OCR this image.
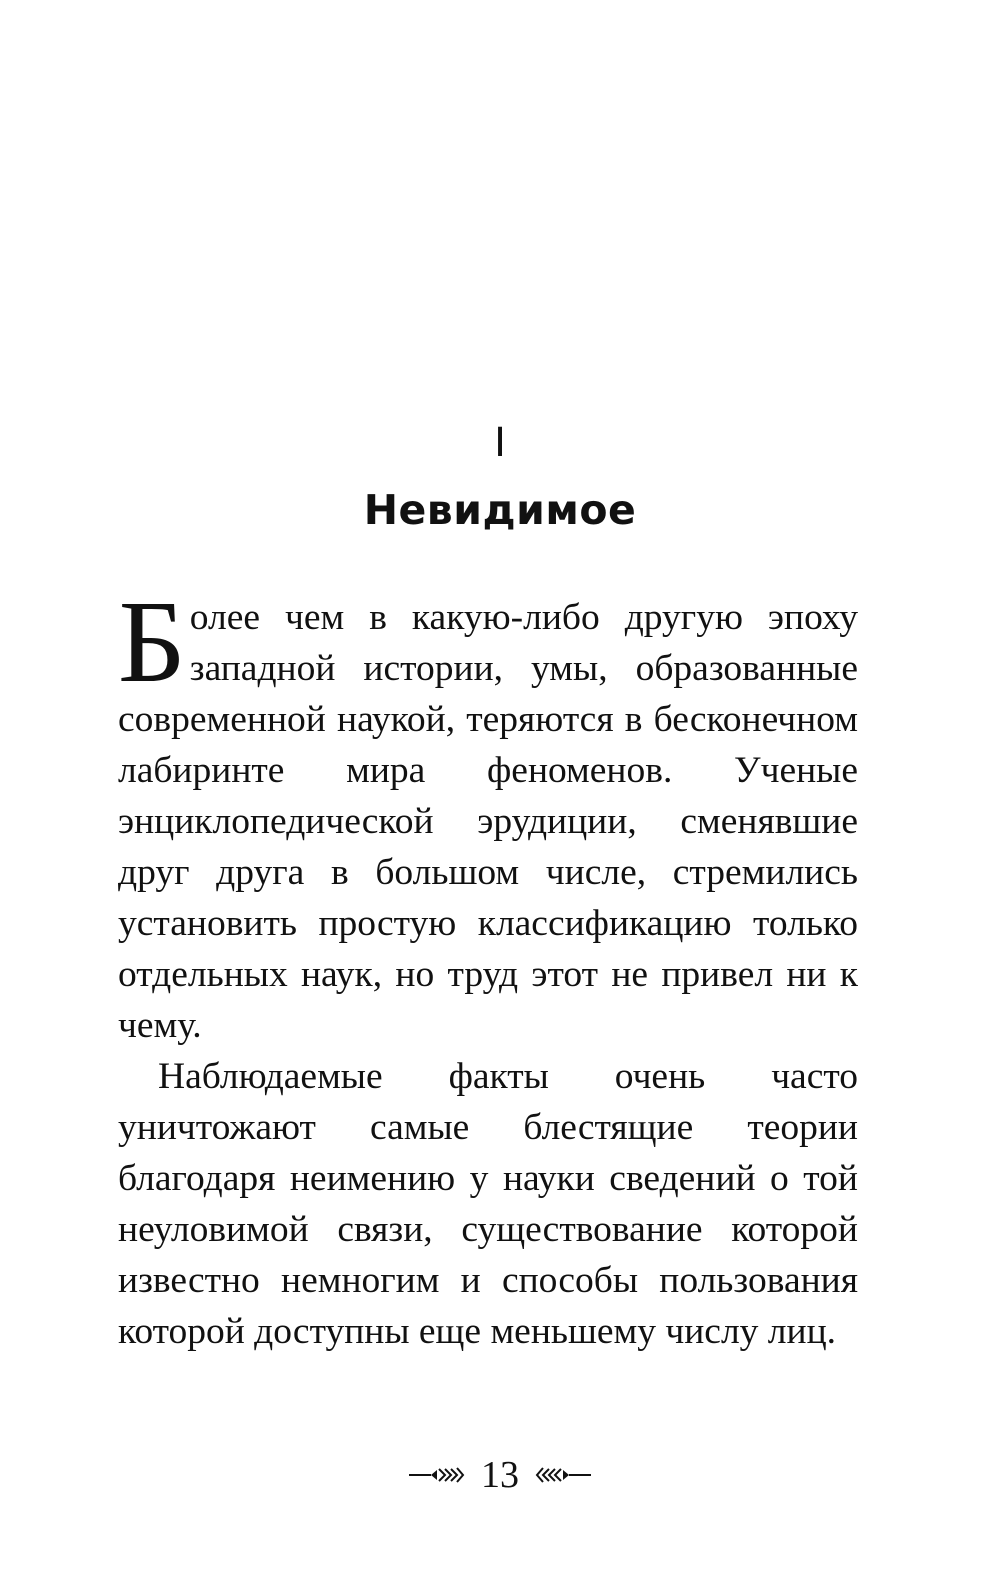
I
Невидимое

Более чем в какую-либо другую эпоху западной истории, умы, образованные современной наукой, теряются в бесконечном лабиринте мира феноменов. Ученые энциклопедической эрудиции, сменявшие друг друга в большом числе, стремились установить простую классификацию только отдельных наук, но труд этот не привел ни к чему.

Наблюдаемые факты очень часто уничтожают самые блестящие теории благодаря неимению у науки сведений о той неуловимой связи, существование которой известно немногим и способы пользования которой доступны еще меньшему числу лиц.

13
